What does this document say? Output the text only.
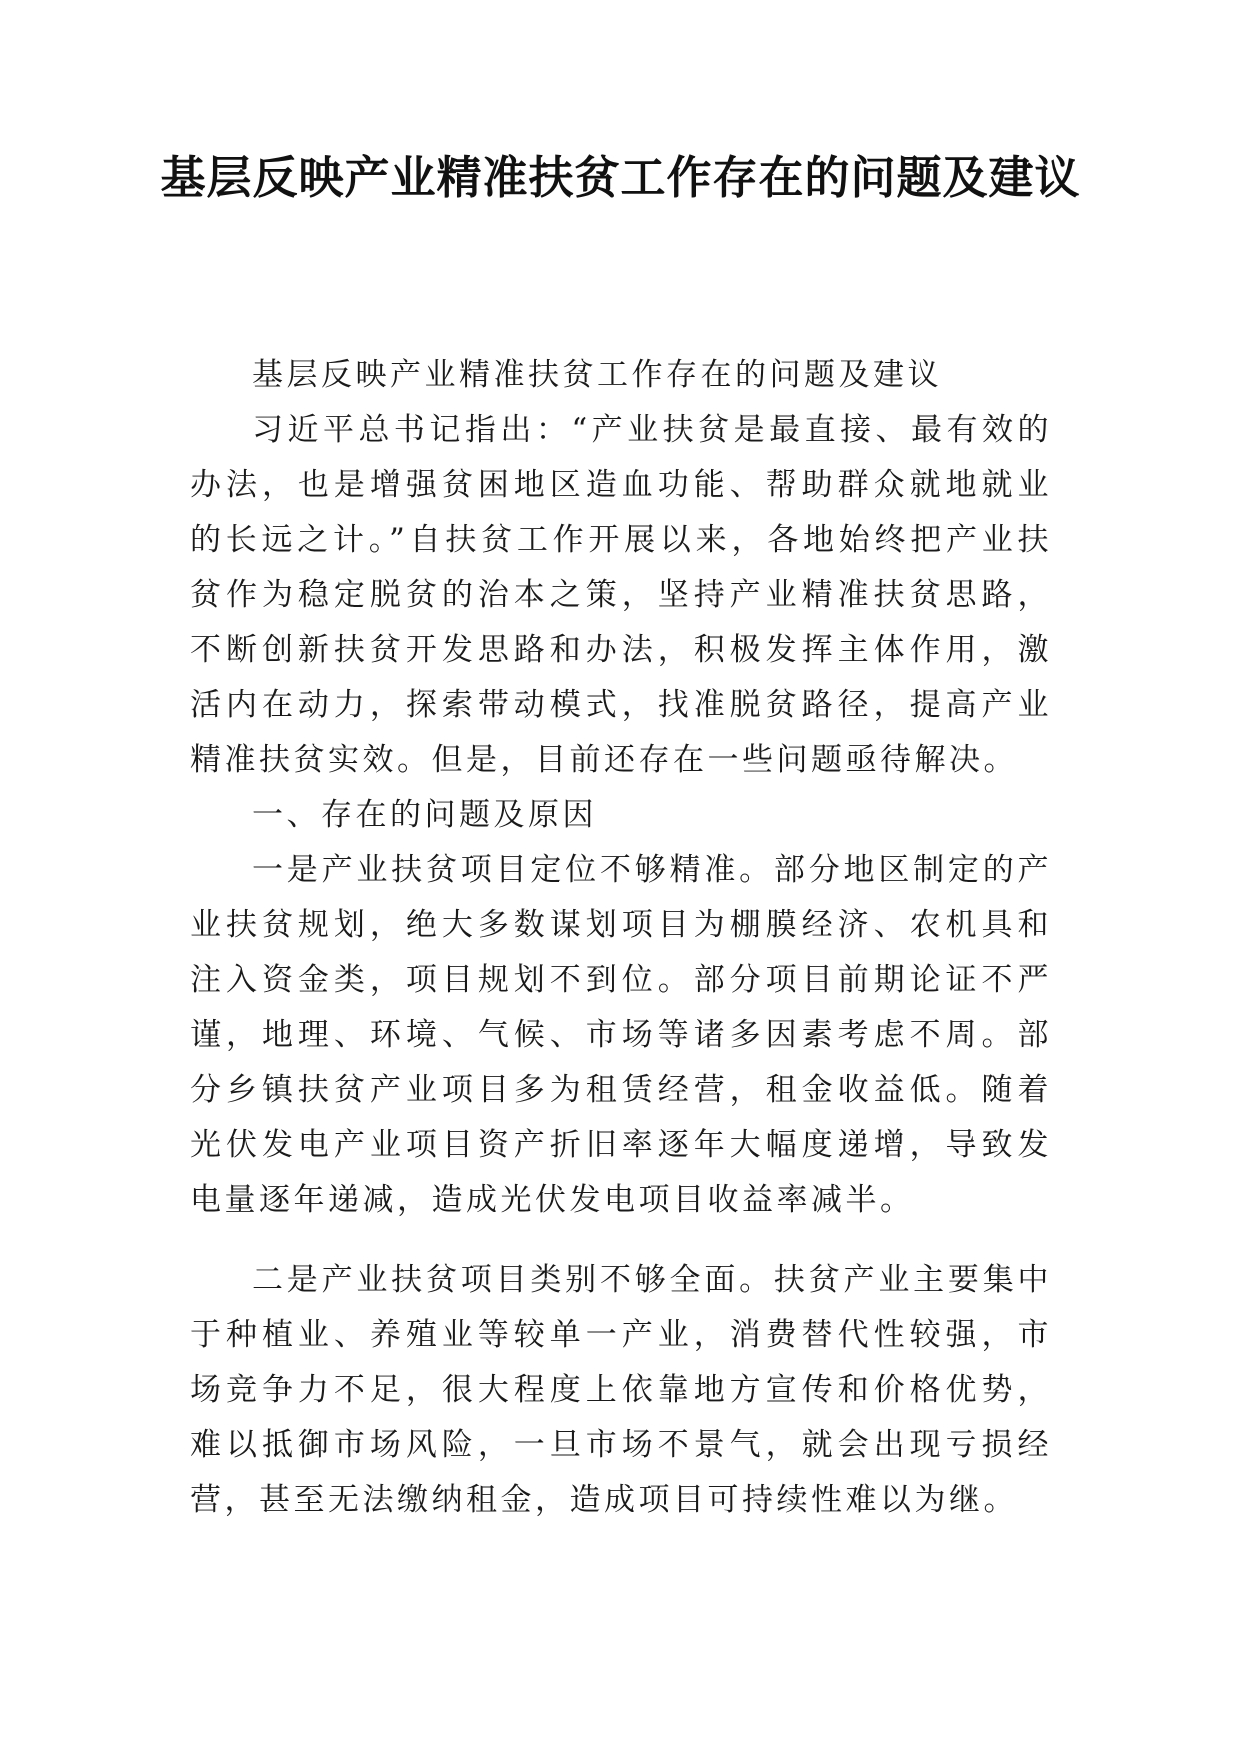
基层反映产业精准扶贫工作存在的问题及建议

基层反映产业精准扶贫工作存在的问题及建议

习近平总书记指出：“产业扶贫是最直接、最有效的办法，也是增强贫困地区造血功能、帮助群众就地就业的长远之计。”自扶贫工作开展以来，各地始终把产业扶贫作为稳定脱贫的治本之策，坚持产业精准扶贫思路，不断创新扶贫开发思路和办法，积极发挥主体作用，激活内在动力，探索带动模式，找准脱贫路径，提高产业精准扶贫实效。但是，目前还存在一些问题亟待解决。

一、存在的问题及原因

一是产业扶贫项目定位不够精准。部分地区制定的产业扶贫规划，绝大多数谋划项目为棚膜经济、农机具和注入资金类，项目规划不到位。部分项目前期论证不严谨，地理、环境、气候、市场等诸多因素考虑不周。部分乡镇扶贫产业项目多为租赁经营，租金收益低。随着光伏发电产业项目资产折旧率逐年大幅度递增，导致发电量逐年递减，造成光伏发电项目收益率减半。

二是产业扶贫项目类别不够全面。扶贫产业主要集中于种植业、养殖业等较单一产业，消费替代性较强，市场竞争力不足，很大程度上依靠地方宣传和价格优势，难以抵御市场风险，一旦市场不景气，就会出现亏损经营，甚至无法缴纳租金，造成项目可持续性难以为继。
